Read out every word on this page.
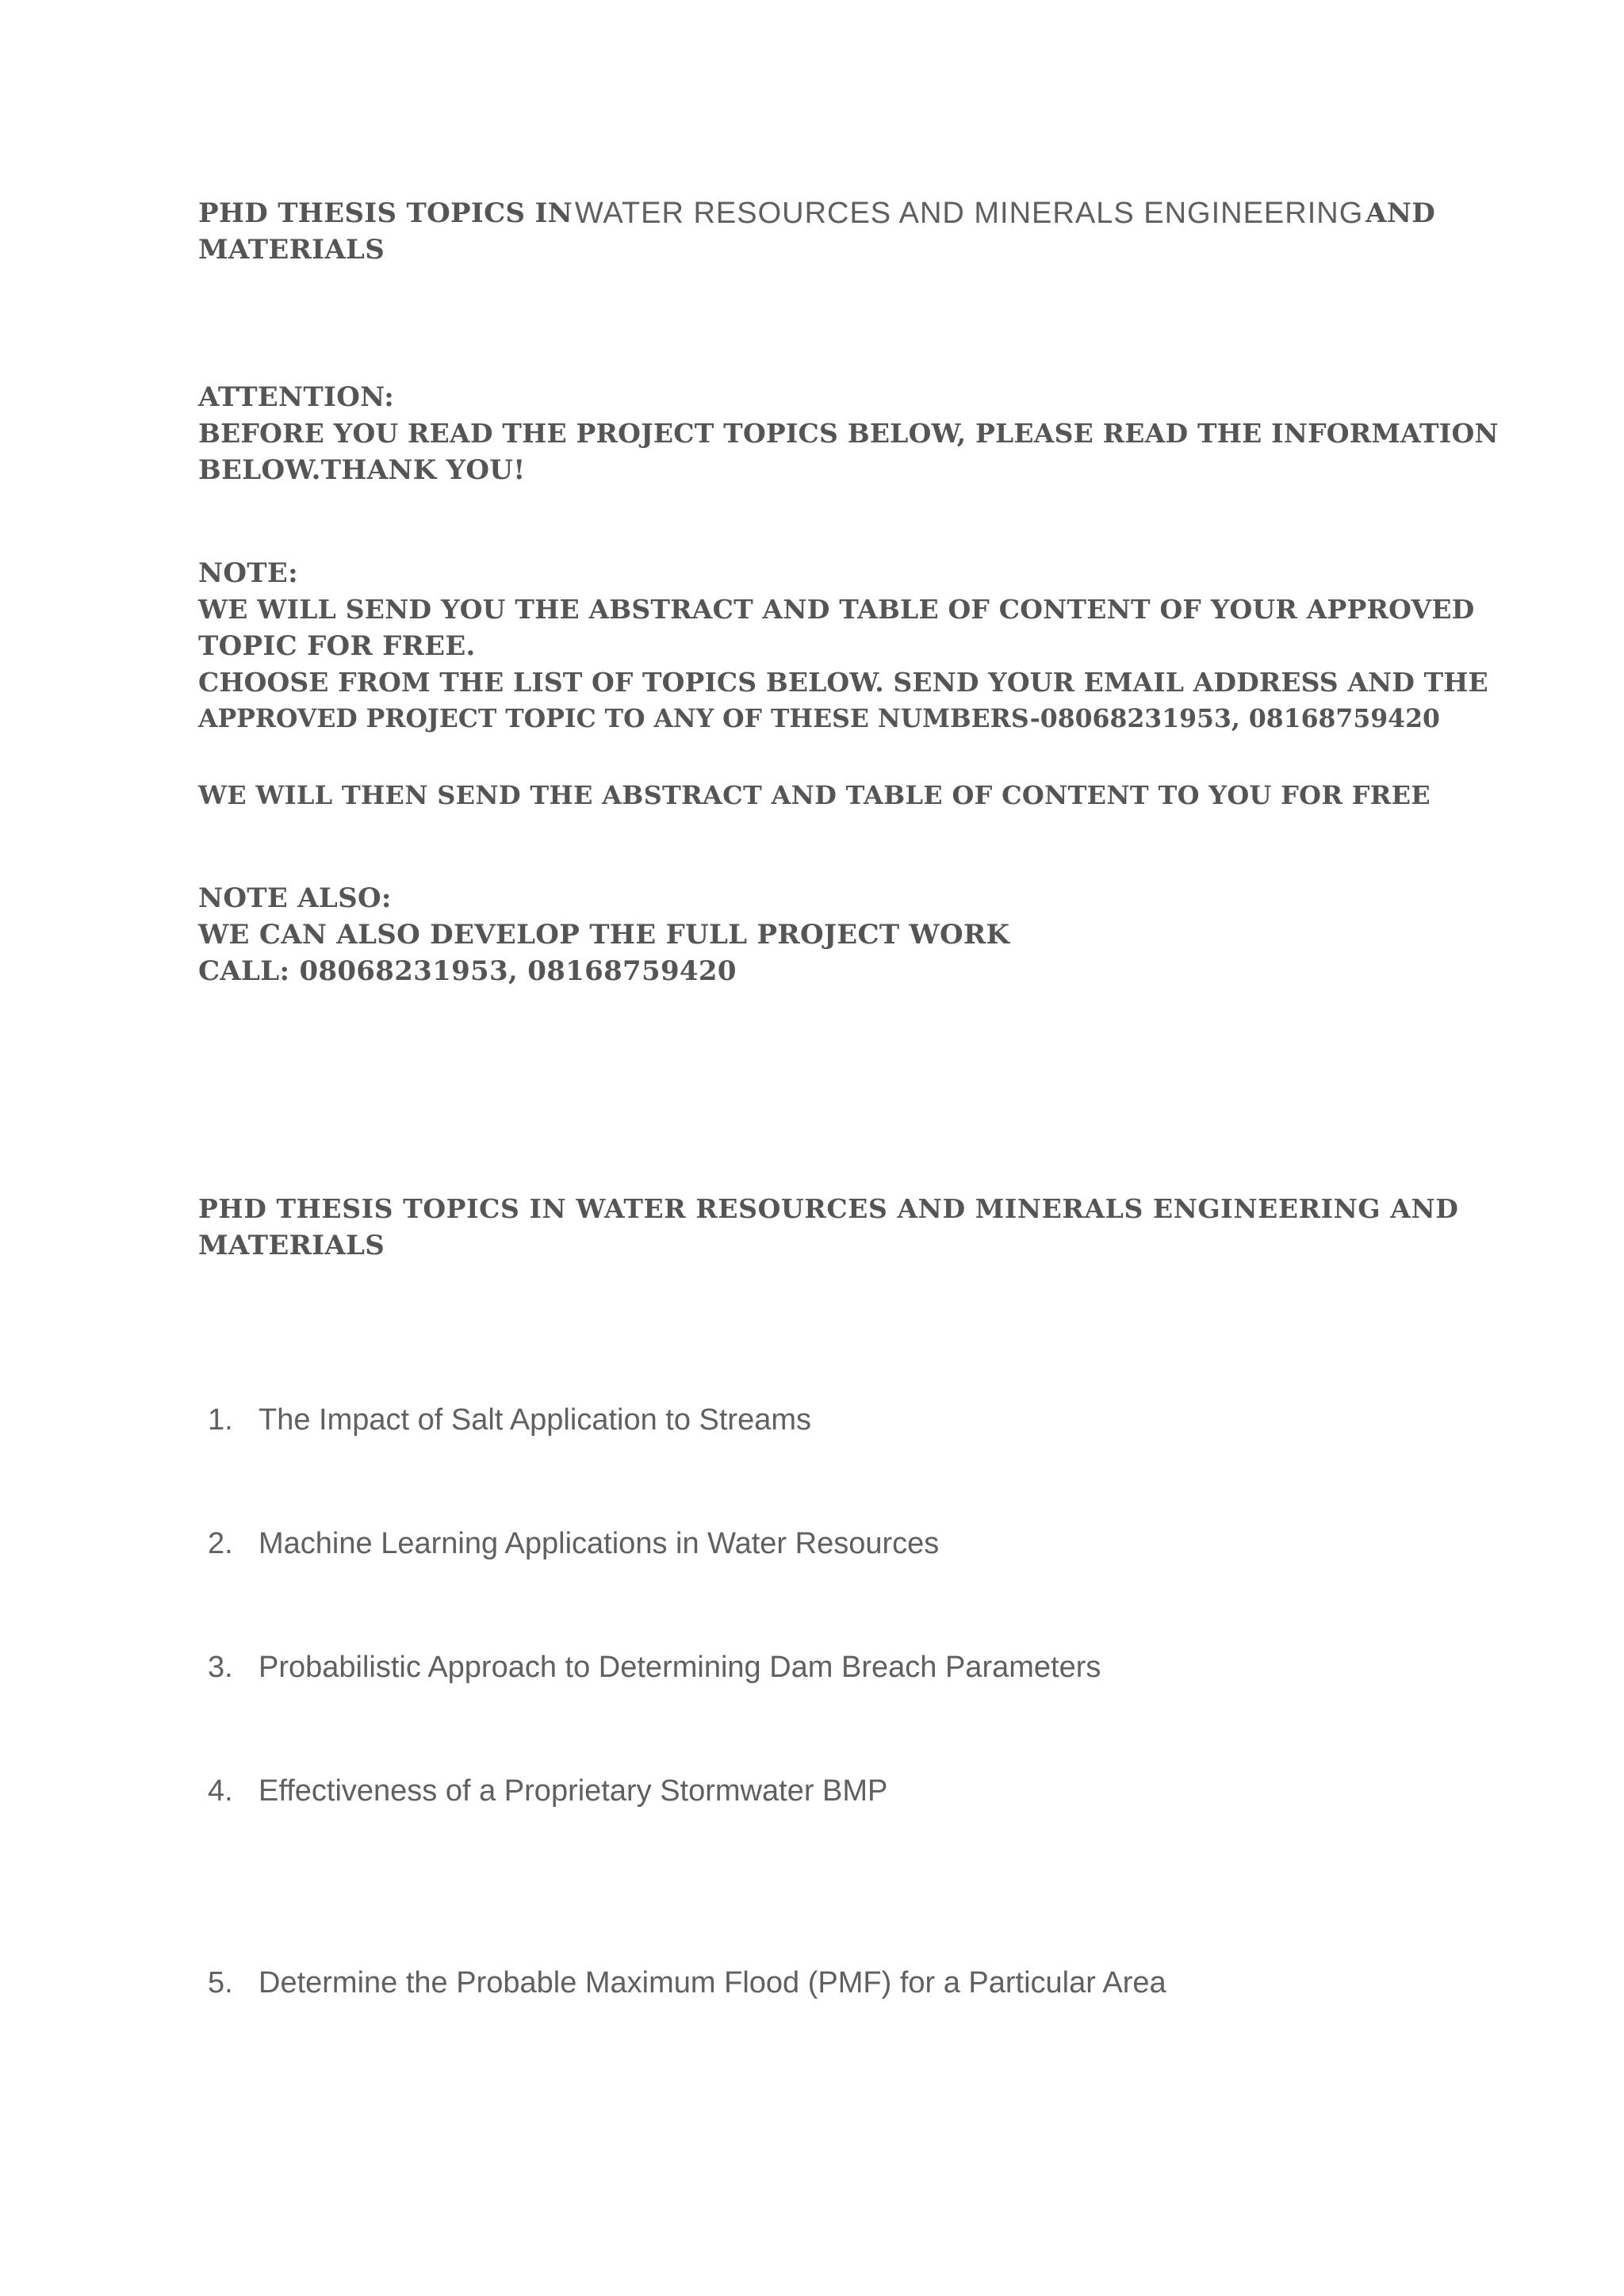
PHD THESIS TOPICS IN WATER RESOURCES AND MINERALS ENGINEERING AND
MATERIALS
ATTENTION:
BEFORE YOU READ THE PROJECT TOPICS BELOW, PLEASE READ THE INFORMATION
BELOW.THANK YOU!
NOTE:
WE WILL SEND YOU THE ABSTRACT AND TABLE OF CONTENT OF YOUR APPROVED
TOPIC FOR FREE.
CHOOSE FROM THE LIST OF TOPICS BELOW. SEND YOUR EMAIL ADDRESS AND THE
APPROVED PROJECT TOPIC TO ANY OF THESE NUMBERS-08068231953, 08168759420
WE WILL THEN SEND THE ABSTRACT AND TABLE OF CONTENT TO YOU FOR FREE
NOTE ALSO:
WE CAN ALSO DEVELOP THE FULL PROJECT WORK
CALL: 08068231953, 08168759420
PHD THESIS TOPICS IN WATER RESOURCES AND MINERALS ENGINEERING AND
MATERIALS
1. The Impact of Salt Application to Streams
2. Machine Learning Applications in Water Resources
3. Probabilistic Approach to Determining Dam Breach Parameters
4. Effectiveness of a Proprietary Stormwater BMP
5. Determine the Probable Maximum Flood (PMF) for a Particular Area
